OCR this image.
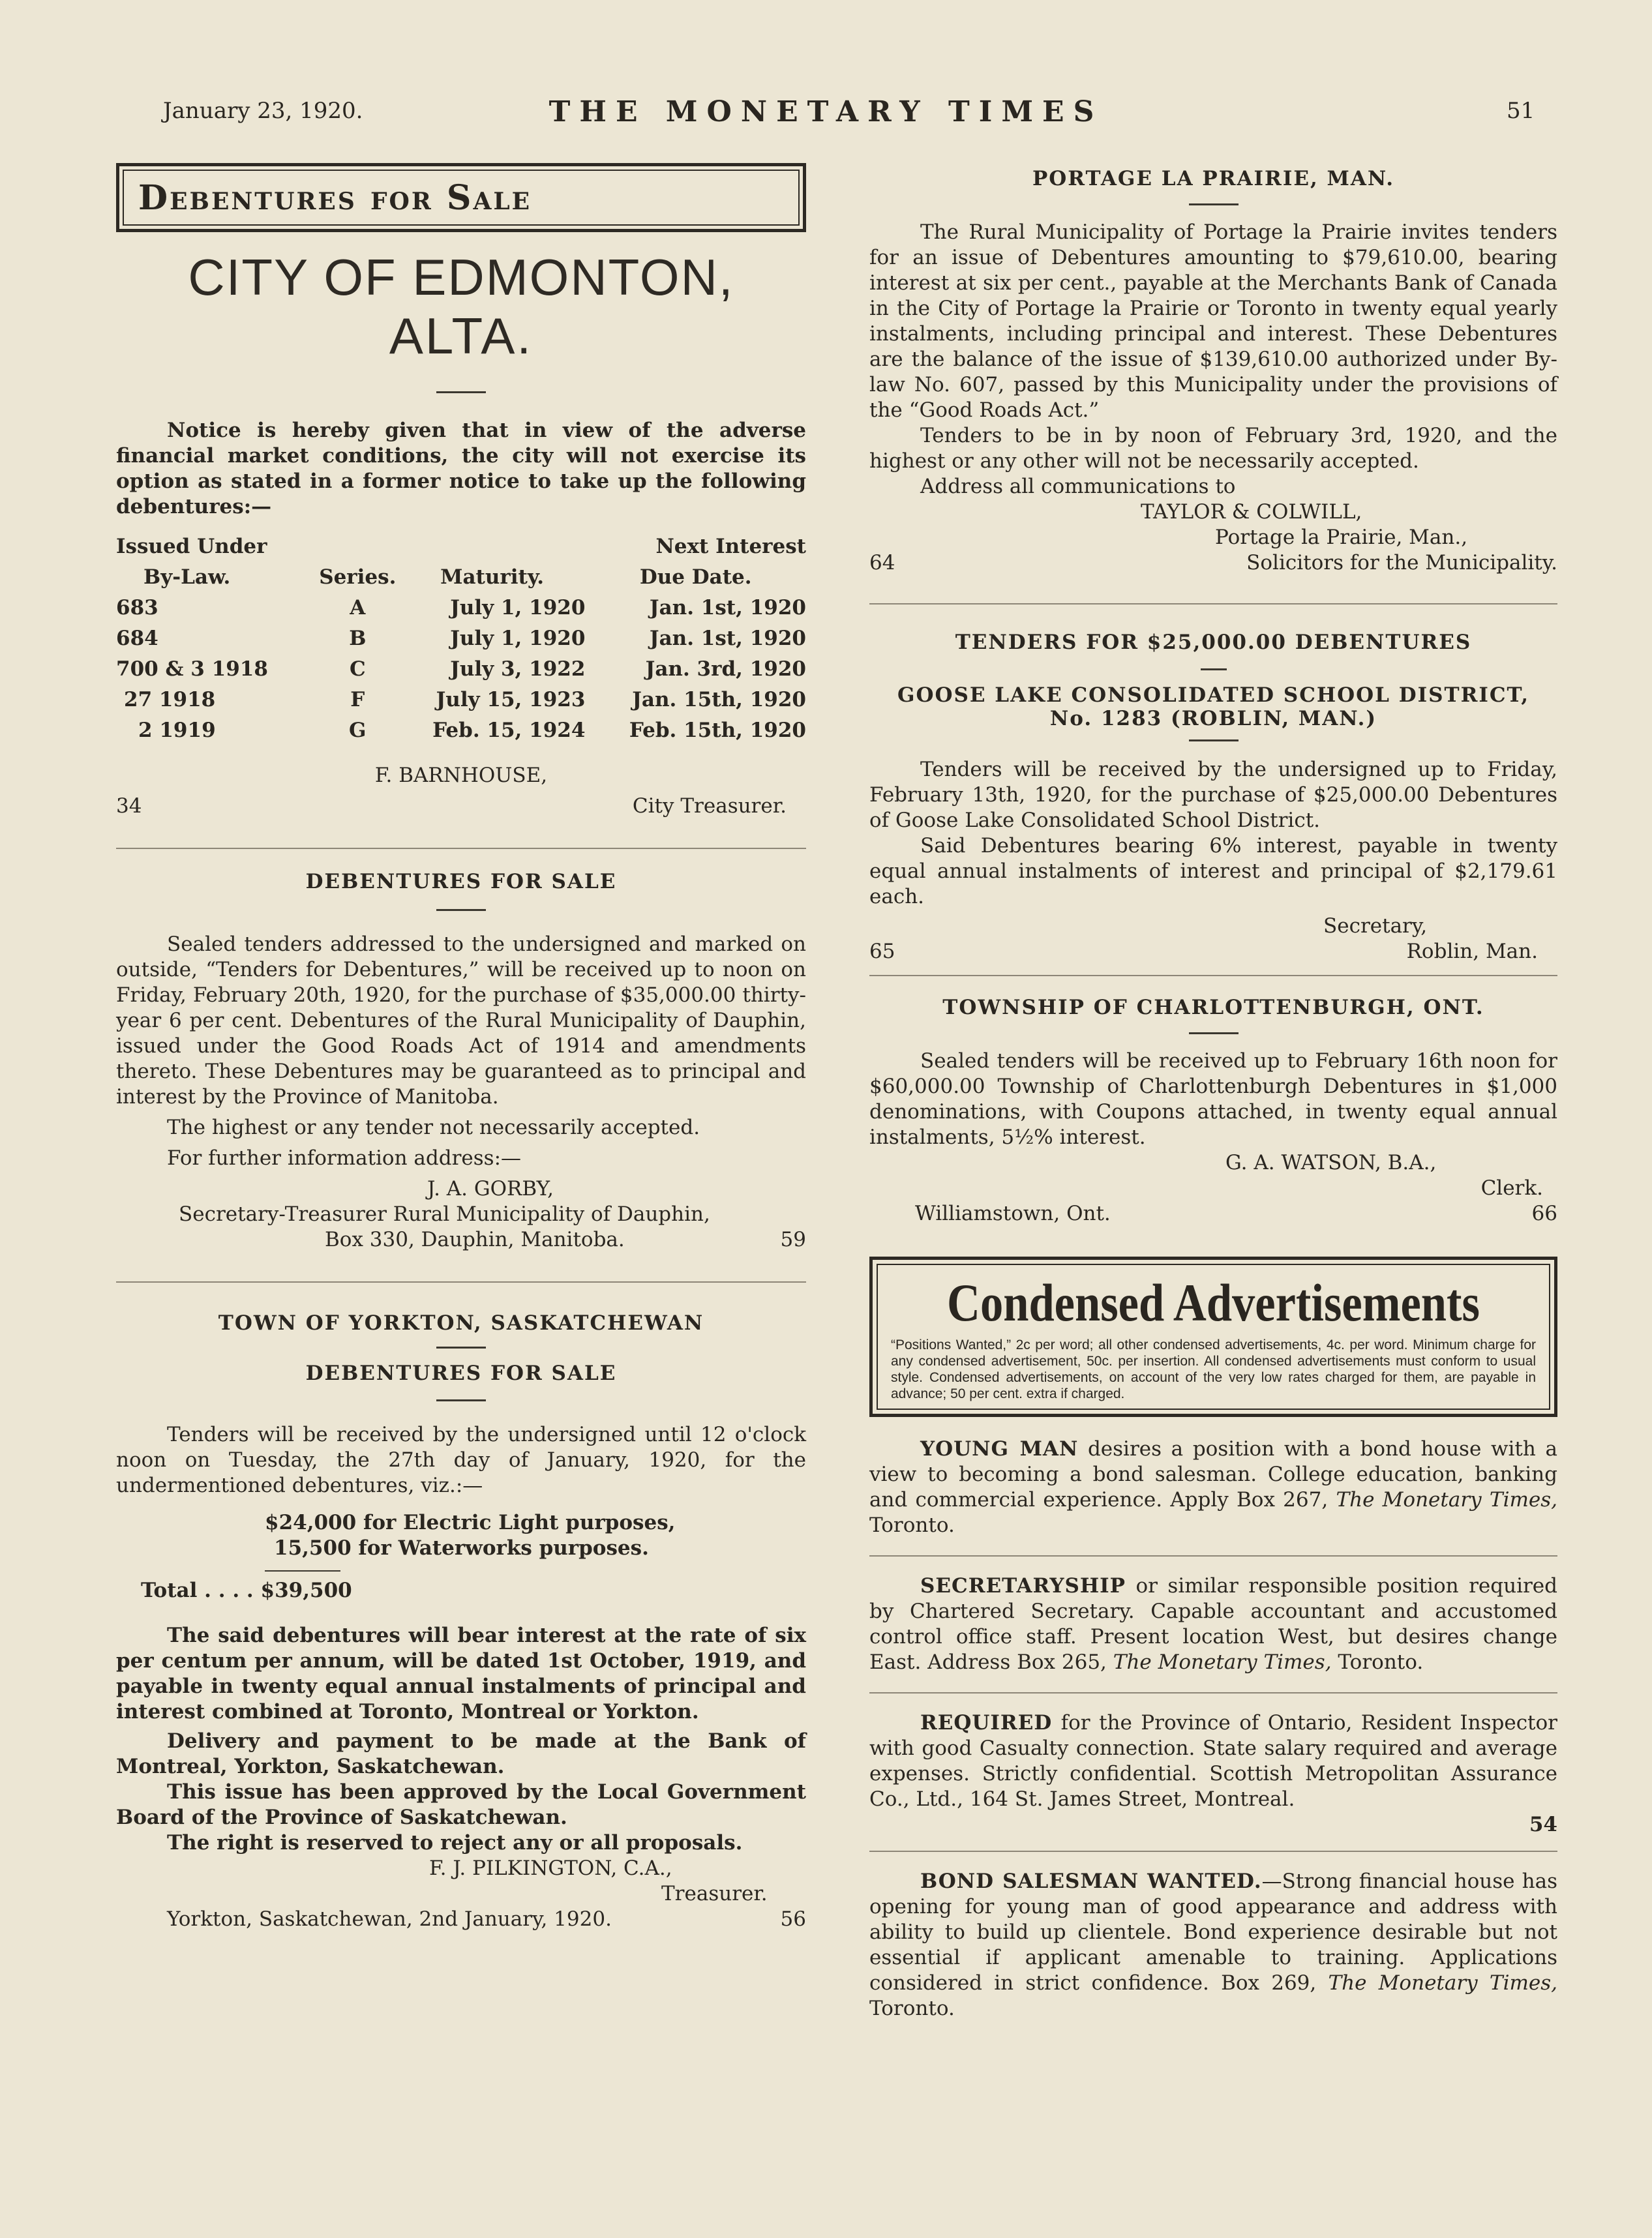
January 23, 1920.	THE MONETARY TIMES	51
Debentures for Sale
CITY OF EDMONTON,
ALTA.

Notice is hereby given that in view of the adverse financial market conditions, the city will not exercise its option as stated in a former notice to take up the following debentures:—

Issued Under			Next Interest
By-Law.	Series.	Maturity.	Due Date.
683	A	July 1, 1920	Jan. 1st, 1920
684	B	July 1, 1920	Jan. 1st, 1920
700 & 3 1918	C	July 3, 1922	Jan. 3rd, 1920
27 1918	F	July 15, 1923	Jan. 15th, 1920
2 1919	G	Feb. 15, 1924	Feb. 15th, 1920
F. BARNHOUSE,
34	City Treasurer.
DEBENTURES FOR SALE

Sealed tenders addressed to the undersigned and marked on outside, “Tenders for Debentures,” will be received up to noon on Friday, February 20th, 1920, for the purchase of $35,000.00 thirty-year 6 per cent. Debentures of the Rural Municipality of Dauphin, issued under the Good Roads Act of 1914 and amendments thereto. These Debentures may be guaranteed as to principal and interest by the Province of Manitoba.

The highest or any tender not necessarily accepted.

For further information address:—

J. A. GORBY,
Secretary-Treasurer Rural Municipality of Dauphin,
Box 330, Dauphin, Manitoba.	59
TOWN OF YORKTON, SASKATCHEWAN
DEBENTURES FOR SALE

Tenders will be received by the undersigned until 12 o'clock noon on Tuesday, the 27th day of January, 1920, for the undermentioned debentures, viz.:—

$24,000 for Electric Light purposes,
15,500 for Waterworks purposes.
Total . . . . $39,500

The said debentures will bear interest at the rate of six per centum per annum, will be dated 1st October, 1919, and payable in twenty equal annual instalments of principal and interest combined at Toronto, Montreal or Yorkton.

Delivery and payment to be made at the Bank of Montreal, Yorkton, Saskatchewan.

This issue has been approved by the Local Government Board of the Province of Saskatchewan.

The right is reserved to reject any or all proposals.

F. J. PILKINGTON, C.A.,
Treasurer.
Yorkton, Saskatchewan, 2nd January, 1920.	56
PORTAGE LA PRAIRIE, MAN.

The Rural Municipality of Portage la Prairie invites tenders for an issue of Debentures amounting to $79,610.00, bearing interest at six per cent., payable at the Merchants Bank of Canada in the City of Portage la Prairie or Toronto in twenty equal yearly instalments, including principal and interest. These Debentures are the balance of the issue of $139,610.00 authorized under By-law No. 607, passed by this Municipality under the provisions of the “Good Roads Act.”

Tenders to be in by noon of February 3rd, 1920, and the highest or any other will not be necessarily accepted.

Address all communications to

TAYLOR & COLWILL,
Portage la Prairie, Man.,
64	Solicitors for the Municipality.
TENDERS FOR $25,000.00 DEBENTURES
GOOSE LAKE CONSOLIDATED SCHOOL DISTRICT,
No. 1283 (ROBLIN, MAN.)

Tenders will be received by the undersigned up to Friday, February 13th, 1920, for the purchase of $25,000.00 Debentures of Goose Lake Consolidated School District.

Said Debentures bearing 6% interest, payable in twenty equal annual instalments of interest and principal of $2,179.61 each.

Secretary,
65	Roblin, Man.
TOWNSHIP OF CHARLOTTENBURGH, ONT.

Sealed tenders will be received up to February 16th noon for $60,000.00 Township of Charlottenburgh Debentures in $1,000 denominations, with Coupons attached, in twenty equal annual instalments, 5½% interest.

G. A. WATSON, B.A.,
Clerk.
Williamstown, Ont.	66
Condensed Advertisements
“Positions Wanted,” 2c per word; all other condensed advertisements, 4c. per word. Minimum charge for any condensed advertisement, 50c. per insertion. All condensed advertisements must conform to usual style. Condensed advertisements, on account of the very low rates charged for them, are payable in advance; 50 per cent. extra if charged.

YOUNG MAN desires a position with a bond house with a view to becoming a bond salesman. College education, banking and commercial experience. Apply Box 267, The Monetary Times, Toronto.

SECRETARYSHIP or similar responsible position required by Chartered Secretary. Capable accountant and accustomed control office staff. Present location West, but desires change East. Address Box 265, The Monetary Times, Toronto.

REQUIRED for the Province of Ontario, Resident Inspector with good Casualty connection. State salary required and average expenses. Strictly confidential. Scottish Metropolitan Assurance Co., Ltd., 164 St. James Street, Montreal.

54

BOND SALESMAN WANTED.—Strong financial house has opening for young man of good appearance and address with ability to build up clientele. Bond experience desirable but not essential if applicant amenable to training. Applications considered in strict confidence. Box 269, The Monetary Times, Toronto.
